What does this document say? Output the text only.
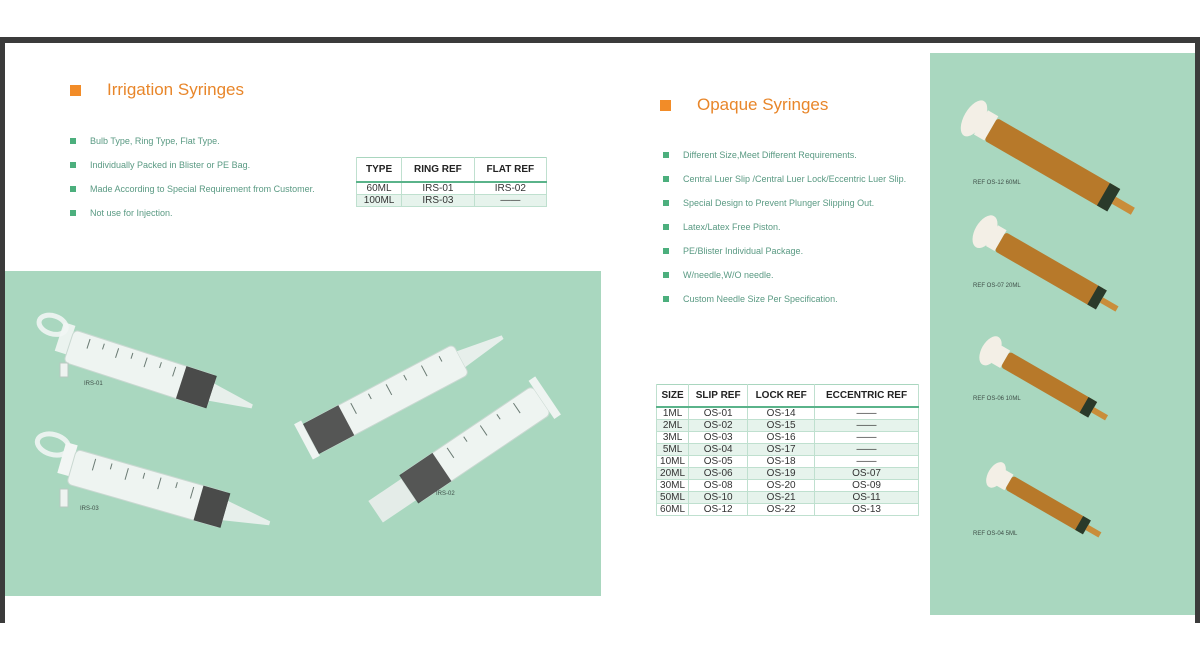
Irrigation Syringes
Bulb Type, Ring Type, Flat Type.
Individually Packed in Blister or PE Bag.
Made According to Special Requirement from Customer.
Not use for Injection.
TYPE	RING REF	FLAT REF
60ML	IRS-01	IRS-02
100ML	IRS-03	——
IRS-01
IRS-02
IRS-03
Opaque Syringes
Different Size,Meet Different Requirements.
Central Luer Slip /Central Luer Lock/Eccentric Luer Slip.
Special Design to Prevent Plunger Slipping Out.
Latex/Latex Free Piston.
PE/Blister Individual Package.
W/needle,W/O needle.
Custom Needle Size Per Specification.
SIZE	SLIP REF	LOCK REF	ECCENTRIC REF
1ML	OS-01	OS-14	——
2ML	OS-02	OS-15	——
3ML	OS-03	OS-16	——
5ML	OS-04	OS-17	——
10ML	OS-05	OS-18	——
20ML	OS-06	OS-19	OS-07
30ML	OS-08	OS-20	OS-09
50ML	OS-10	OS-21	OS-11
60ML	OS-12	OS-22	OS-13
REF OS-12 60ML
REF OS-07 20ML
REF OS-06 10ML
REF OS-04 5ML
